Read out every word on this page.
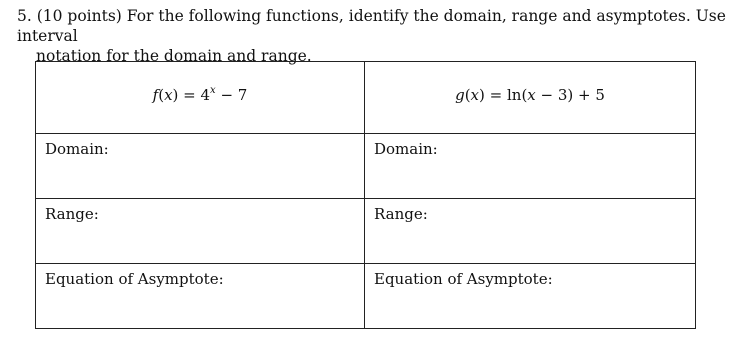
5. (10 points) For the following functions, identify the domain, range and asymptotes. Use interval
notation for the domain and range.
$f(x) = 4^x - 7$	g(x) = ln(x − 3) + 5

Domain:	Domain:

Range:	Range:

Equation of Asymptote:	Equation of Asymptote:
